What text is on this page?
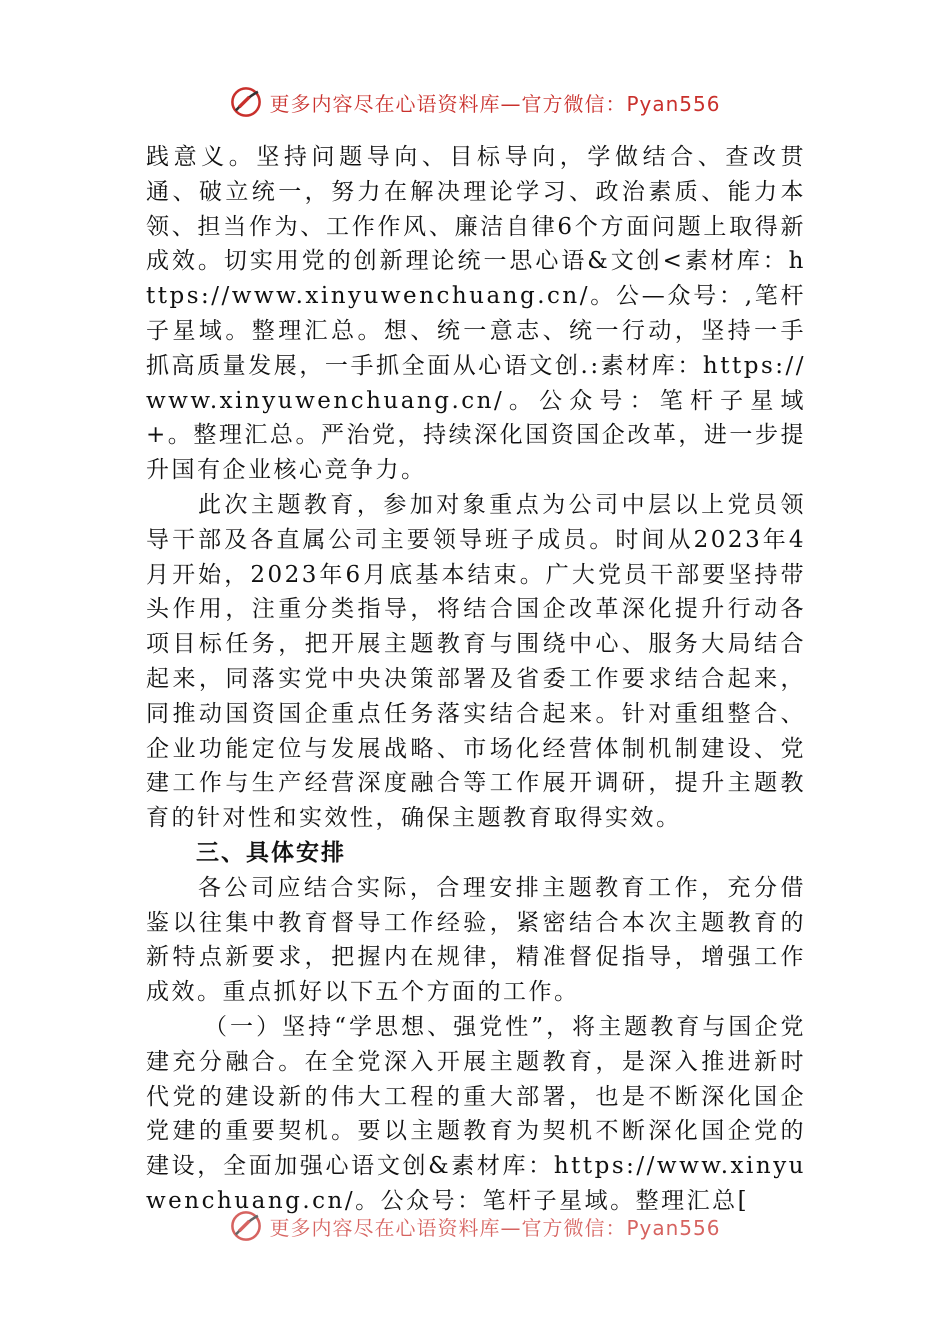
更多内容尽在心语资料库—官方微信：Pyan556

践意义。坚持问题导向、目标导向，学做结合、查改贯通、破立统一，努力在解决理论学习、政治素质、能力本领、担当作为、工作作风、廉洁自律6个方面问题上取得新成效。切实用党的创新理论统一思心语&文创<素材库：https://www.xinyuwenchuang.cn/。公—众号：,笔杆子星域。整理汇总。想、统一意志、统一行动，坚持一手抓高质量发展，一手抓全面从心语文创.:素材库：https://www.xinyuwenchuang.cn/。公众号：笔杆子星域+。整理汇总。严治党，持续深化国资国企改革，进一步提升国有企业核心竞争力。

此次主题教育，参加对象重点为公司中层以上党员领导干部及各直属公司主要领导班子成员。时间从2023年4月开始，2023年6月底基本结束。广大党员干部要坚持带头作用，注重分类指导，将结合国企改革深化提升行动各项目标任务，把开展主题教育与围绕中心、服务大局结合起来，同落实党中央决策部署及省委工作要求结合起来，同推动国资国企重点任务落实结合起来。针对重组整合、企业功能定位与发展战略、市场化经营体制机制建设、党建工作与生产经营深度融合等工作展开调研，提升主题教育的针对性和实效性，确保主题教育取得实效。

三、具体安排

各公司应结合实际，合理安排主题教育工作，充分借鉴以往集中教育督导工作经验，紧密结合本次主题教育的新特点新要求，把握内在规律，精准督促指导，增强工作成效。重点抓好以下五个方面的工作。

（一）坚持“学思想、强党性”，将主题教育与国企党建充分融合。在全党深入开展主题教育，是深入推进新时代党的建设新的伟大工程的重大部署，也是不断深化国企党建的重要契机。要以主题教育为契机不断深化国企党的建设，全面加强心语文创&素材库：https://www.xinyuwenchuang.cn/。公众号：笔杆子星域。整理汇总[

更多内容尽在心语资料库—官方微信：Pyan556
